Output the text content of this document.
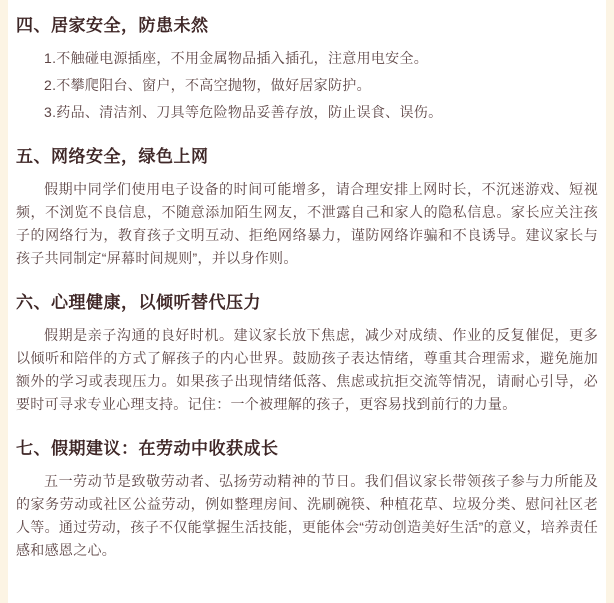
四、居家安全，防患未然

1.不触碰电源插座，不用金属物品插入插孔，注意用电安全。

2.不攀爬阳台、窗户，不高空抛物，做好居家防护。

3.药品、清洁剂、刀具等危险物品妥善存放，防止误食、误伤。

五、网络安全，绿色上网

假期中同学们使用电子设备的时间可能增多，请合理安排上网时长，不沉迷游戏、短视频，不浏览不良信息，不随意添加陌生网友，不泄露自己和家人的隐私信息。家长应关注孩子的网络行为，教育孩子文明互动、拒绝网络暴力，谨防网络诈骗和不良诱导。建议家长与孩子共同制定“屏幕时间规则”，并以身作则。

六、心理健康，以倾听替代压力

假期是亲子沟通的良好时机。建议家长放下焦虑，减少对成绩、作业的反复催促，更多以倾听和陪伴的方式了解孩子的内心世界。鼓励孩子表达情绪，尊重其合理需求，避免施加额外的学习或表现压力。如果孩子出现情绪低落、焦虑或抗拒交流等情况，请耐心引导，必要时可寻求专业心理支持。记住：一个被理解的孩子，更容易找到前行的力量。

七、假期建议：在劳动中收获成长

五一劳动节是致敬劳动者、弘扬劳动精神的节日。我们倡议家长带领孩子参与力所能及的家务劳动或社区公益劳动，例如整理房间、洗刷碗筷、种植花草、垃圾分类、慰问社区老人等。通过劳动，孩子不仅能掌握生活技能，更能体会“劳动创造美好生活”的意义，培养责任感和感恩之心。
